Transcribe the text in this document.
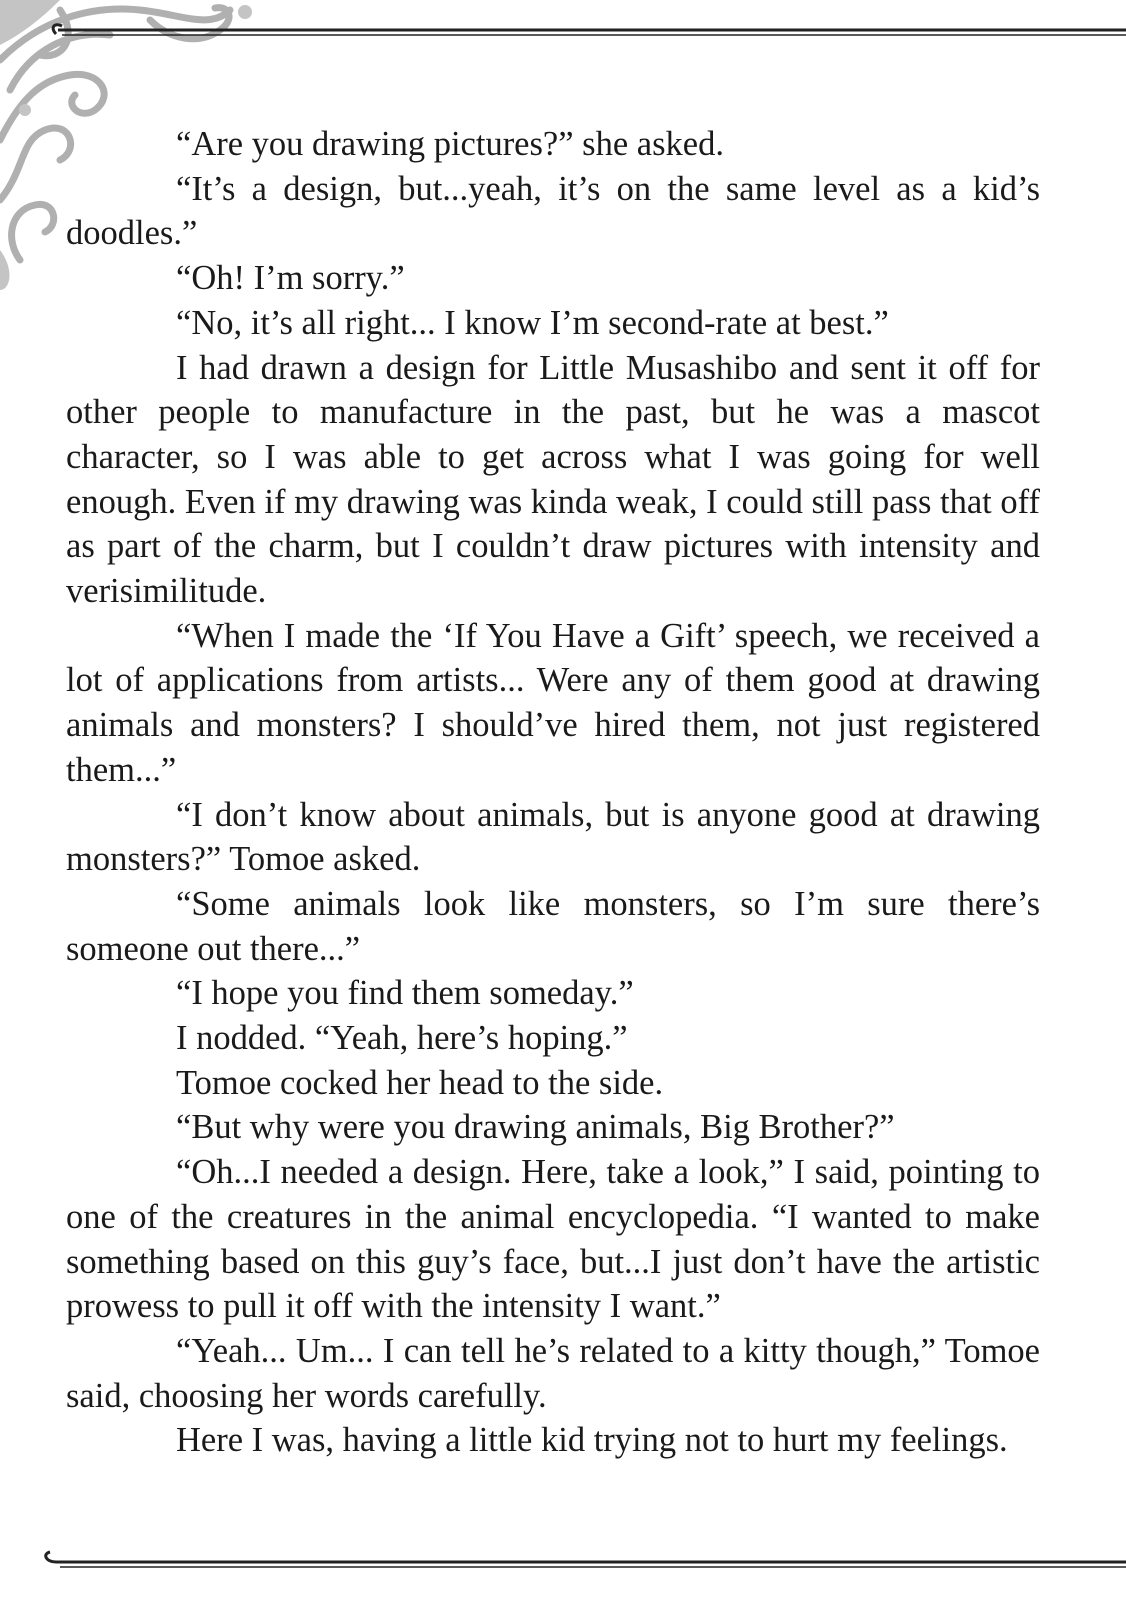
“Are you drawing pictures?” she asked.

“It’s a design, but...yeah, it’s on the same level as a kid’s doodles.”

“Oh! I’m sorry.”

“No, it’s all right... I know I’m second-rate at best.”

I had drawn a design for Little Musashibo and sent it off for other people to manufacture in the past, but he was a mascot character, so I was able to get across what I was going for well enough. Even if my drawing was kinda weak, I could still pass that off as part of the charm, but I couldn’t draw pictures with intensity and verisimilitude.

“When I made the ‘If You Have a Gift’ speech, we received a lot of applications from artists... Were any of them good at drawing animals and monsters? I should’ve hired them, not just registered them...”

“I don’t know about animals, but is anyone good at drawing monsters?” Tomoe asked.

“Some animals look like monsters, so I’m sure there’s someone out there...”

“I hope you find them someday.”

I nodded. “Yeah, here’s hoping.”

Tomoe cocked her head to the side.

“But why were you drawing animals, Big Brother?”

“Oh...I needed a design. Here, take a look,” I said, pointing to one of the creatures in the animal encyclopedia. “I wanted to make something based on this guy’s face, but...I just don’t have the artistic prowess to pull it off with the intensity I want.”

“Yeah... Um... I can tell he’s related to a kitty though,” Tomoe said, choosing her words carefully.

Here I was, having a little kid trying not to hurt my feelings.
